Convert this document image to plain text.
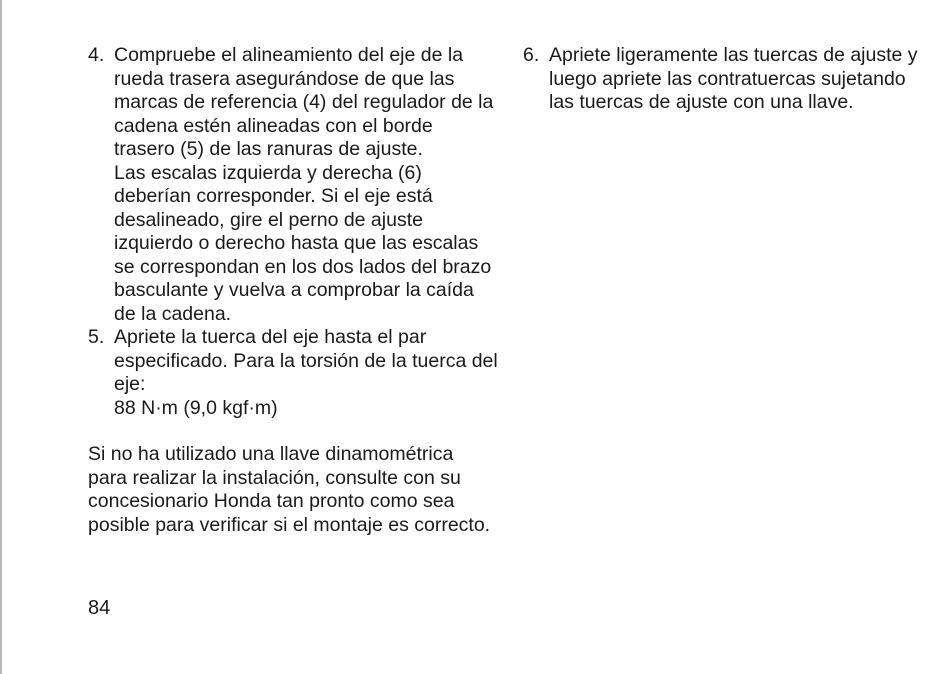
4. Compruebe el alineamiento del eje de la rueda trasera asegurándose de que las marcas de referencia (4) del regulador de la cadena estén alineadas con el borde trasero (5) de las ranuras de ajuste.

Las escalas izquierda y derecha (6) deberían corresponder. Si el eje está desalineado, gire el perno de ajuste izquierdo o derecho hasta que las escalas se correspondan en los dos lados del brazo basculante y vuelva a comprobar la caída de la cadena.

5. Apriete la tuerca del eje hasta el par especificado. Para la torsión de la tuerca del eje:

88 N·m (9,0 kgf·m)

Si no ha utilizado una llave dinamométrica para realizar la instalación, consulte con su concesionario Honda tan pronto como sea posible para verificar si el montaje es correcto.

6. Apriete ligeramente las tuercas de ajuste y luego apriete las contratuercas sujetando las tuercas de ajuste con una llave.

84
